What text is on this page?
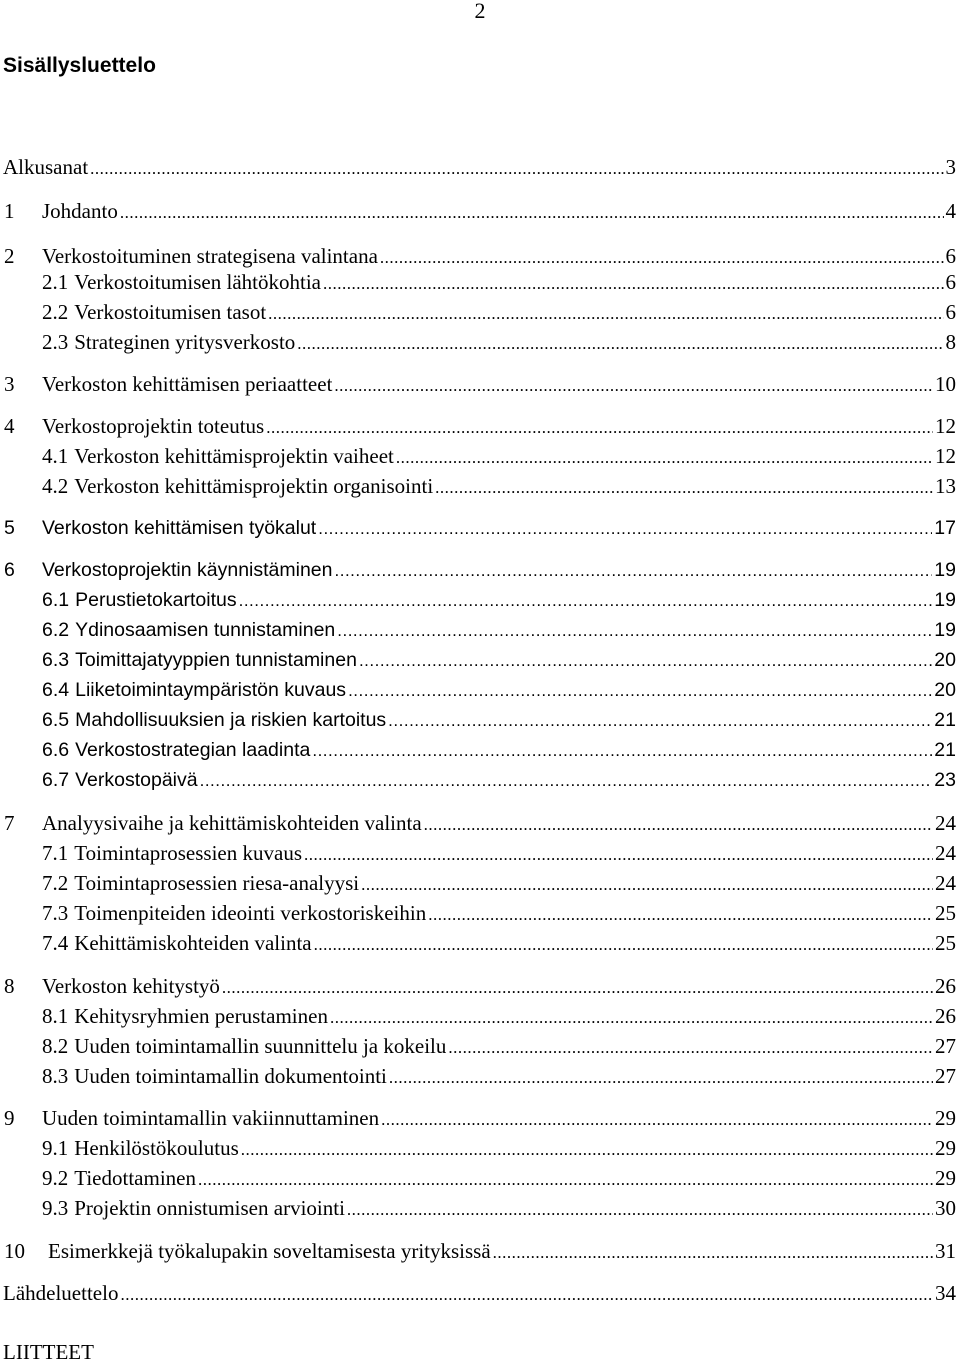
2
Sisällysluettelo
Alkusanat .....	3
1	Johdanto .....	4
2	Verkostoituminen strategisena valintana .....	6
2.1 Verkostoitumisen lähtökohtia .....	6
2.2 Verkostoitumisen tasot .....	6
2.3 Strateginen yritysverkosto .....	8
3	Verkoston kehittämisen periaatteet .....	10
4	Verkostoprojektin toteutus .....	12
4.1 Verkoston kehittämisprojektin vaiheet .....	12
4.2 Verkoston kehittämisprojektin organisointi .....	13
5	Verkoston kehittämisen työkalut .....	17
6	Verkostoprojektin käynnistäminen .....	19
6.1 Perustietokartoitus .....	19
6.2 Ydinosaamisen tunnistaminen .....	19
6.3 Toimittajatyyppien tunnistaminen .....	20
6.4 Liiketoimintaympäristön kuvaus .....	20
6.5 Mahdollisuuksien ja riskien kartoitus .....	21
6.6 Verkostostrategian laadinta .....	21
6.7 Verkostopäivä .....	23
7	Analyysivaihe ja kehittämiskohteiden valinta .....	24
7.1 Toimintaprosessien kuvaus .....	24
7.2 Toimintaprosessien riesa-analyysi .....	24
7.3 Toimenpiteiden ideointi verkostoriskeihin .....	25
7.4 Kehittämiskohteiden valinta .....	25
8	Verkoston kehitystyö .....	26
8.1 Kehitysryhmien perustaminen .....	26
8.2 Uuden toimintamallin suunnittelu ja kokeilu .....	27
8.3 Uuden toimintamallin dokumentointi .....	27
9	Uuden toimintamallin vakiinnuttaminen .....	29
9.1 Henkilöstökoulutus .....	29
9.2 Tiedottaminen .....	29
9.3 Projektin onnistumisen arviointi .....	30
10	Esimerkkejä työkalupakin soveltamisesta yrityksissä .....	31
Lähdeluettelo .....	34
LIITTEET
